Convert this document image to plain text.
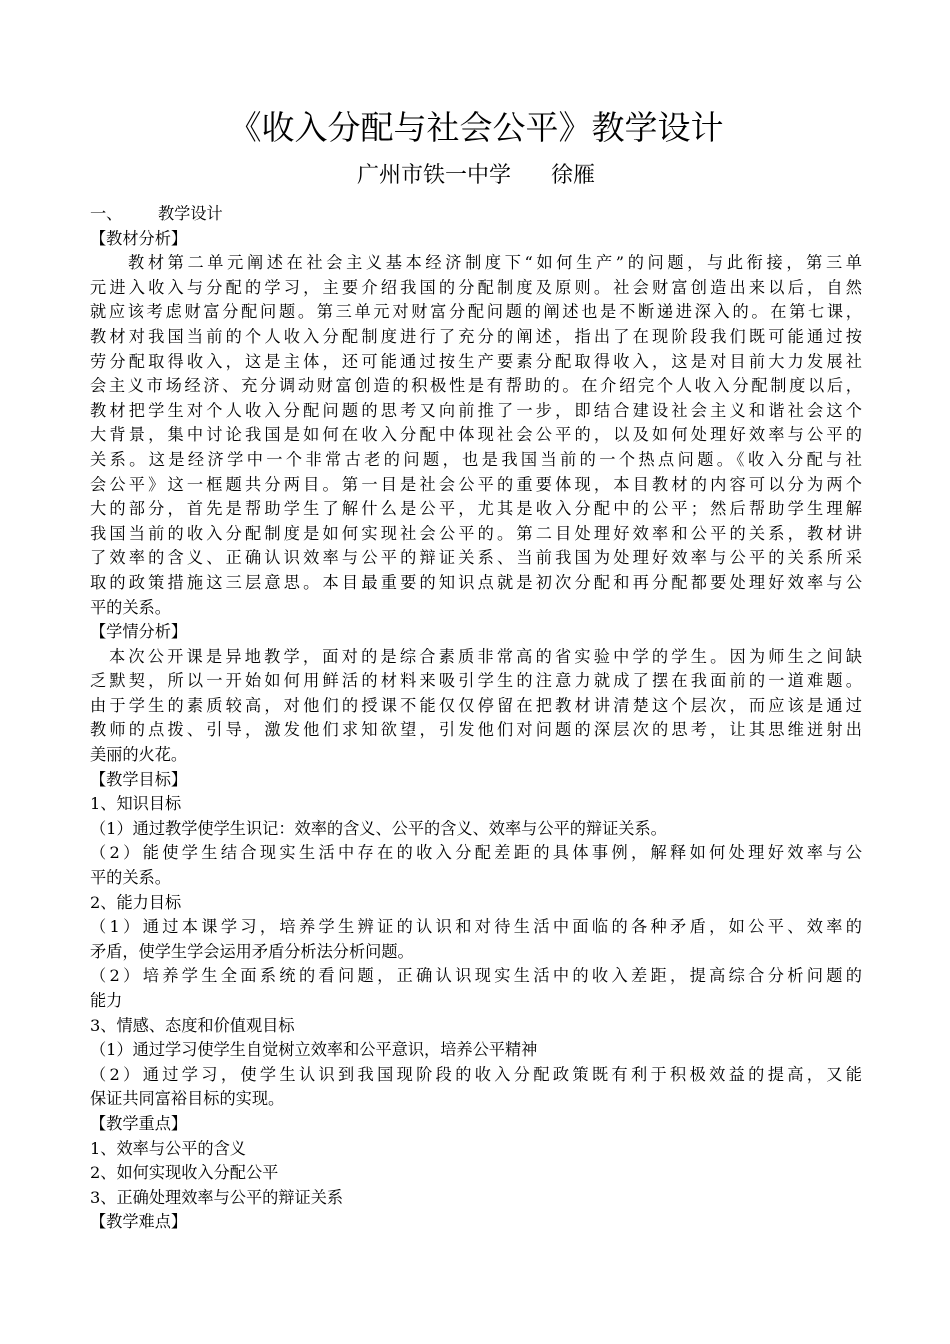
《收入分配与社会公平》教学设计
广州市铁一中学 徐雁
一、 教学设计
【教材分析】
教材第二单元阐述在社会主义基本经济制度下“如何生产”的问题，与此衔接，第三单
元进入收入与分配的学习，主要介绍我国的分配制度及原则。社会财富创造出来以后，自然
就应该考虑财富分配问题。第三单元对财富分配问题的阐述也是不断递进深入的。在第七课，
教材对我国当前的个人收入分配制度进行了充分的阐述，指出了在现阶段我们既可能通过按
劳分配取得收入，这是主体，还可能通过按生产要素分配取得收入，这是对目前大力发展社
会主义市场经济、充分调动财富创造的积极性是有帮助的。在介绍完个人收入分配制度以后，
教材把学生对个人收入分配问题的思考又向前推了一步，即结合建设社会主义和谐社会这个
大背景，集中讨论我国是如何在收入分配中体现社会公平的，以及如何处理好效率与公平的
关系。这是经济学中一个非常古老的问题，也是我国当前的一个热点问题。《收入分配与社
会公平》这一框题共分两目。第一目是社会公平的重要体现，本目教材的内容可以分为两个
大的部分，首先是帮助学生了解什么是公平，尤其是收入分配中的公平；然后帮助学生理解
我国当前的收入分配制度是如何实现社会公平的。第二目处理好效率和公平的关系，教材讲
了效率的含义、正确认识效率与公平的辩证关系、当前我国为处理好效率与公平的关系所采
取的政策措施这三层意思。本目最重要的知识点就是初次分配和再分配都要处理好效率与公
平的关系。
【学情分析】
本次公开课是异地教学，面对的是综合素质非常高的省实验中学的学生。因为师生之间缺
乏默契，所以一开始如何用鲜活的材料来吸引学生的注意力就成了摆在我面前的一道难题。
由于学生的素质较高，对他们的授课不能仅仅停留在把教材讲清楚这个层次，而应该是通过
教师的点拨、引导，激发他们求知欲望，引发他们对问题的深层次的思考，让其思维迸射出
美丽的火花。
【教学目标】
1、知识目标
（1）通过教学使学生识记：效率的含义、公平的含义、效率与公平的辩证关系。
（2）能使学生结合现实生活中存在的收入分配差距的具体事例，解释如何处理好效率与公
平的关系。
2、能力目标
（1）通过本课学习，培养学生辨证的认识和对待生活中面临的各种矛盾，如公平、效率的
矛盾，使学生学会运用矛盾分析法分析问题。
（2）培养学生全面系统的看问题，正确认识现实生活中的收入差距，提高综合分析问题的
能力
3、情感、态度和价值观目标
（1）通过学习使学生自觉树立效率和公平意识，培养公平精神
（2）通过学习，使学生认识到我国现阶段的收入分配政策既有利于积极效益的提高，又能
保证共同富裕目标的实现。
【教学重点】
1、效率与公平的含义
2、如何实现收入分配公平
3、正确处理效率与公平的辩证关系
【教学难点】
